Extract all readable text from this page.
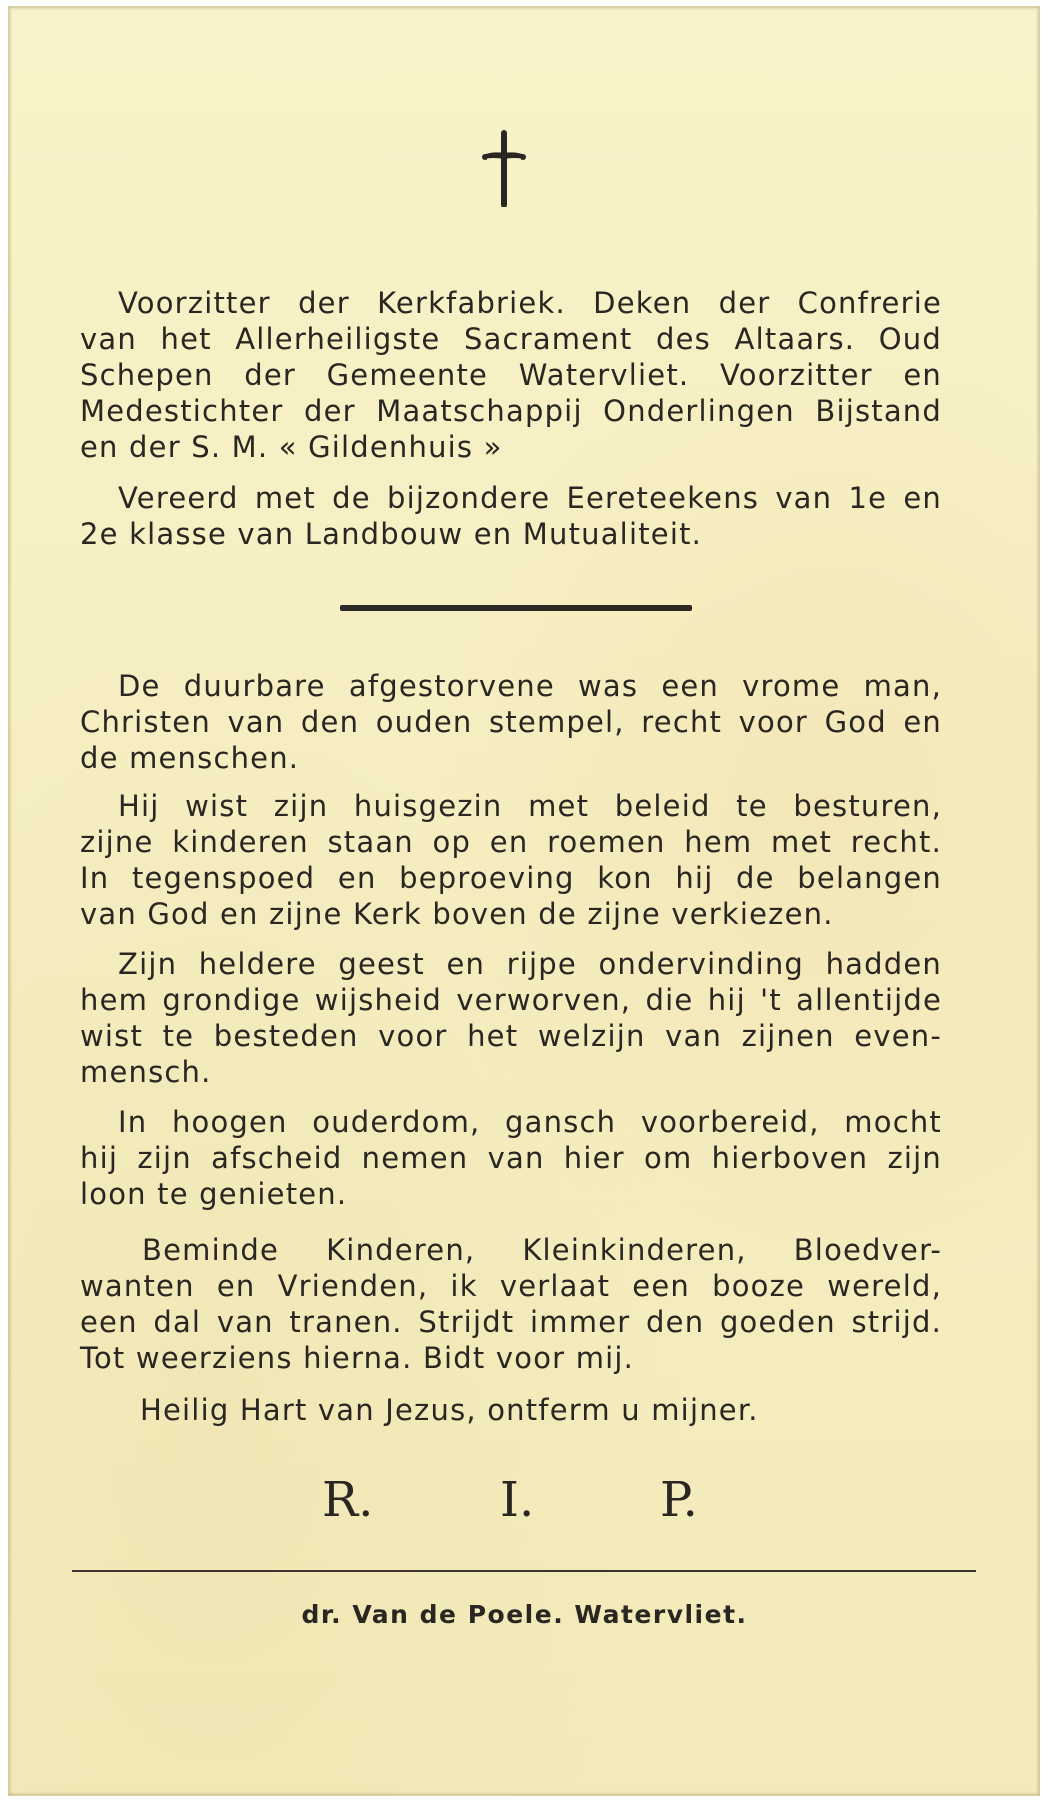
Voorzitter der Kerkfabriek. Deken der Confrerie
van het Allerheiligste Sacrament des Altaars. Oud
Schepen der Gemeente Watervliet. Voorzitter en
Medestichter der Maatschappij Onderlingen Bijstand
en der S. M. « Gildenhuis »
Vereerd met de bijzondere Eereteekens van 1e en
2e klasse van Landbouw en Mutualiteit.
De duurbare afgestorvene was een vrome man,
Christen van den ouden stempel, recht voor God en
de menschen.
Hij wist zijn huisgezin met beleid te besturen,
zijne kinderen staan op en roemen hem met recht.
In tegenspoed en beproeving kon hij de belangen
van God en zijne Kerk boven de zijne verkiezen.
Zijn heldere geest en rijpe ondervinding hadden
hem grondige wijsheid verworven, die hij 't allentijde
wist te besteden voor het welzijn van zijnen even-
mensch.
In hoogen ouderdom, gansch voorbereid, mocht
hij zijn afscheid nemen van hier om hierboven zijn
loon te genieten.
Beminde Kinderen, Kleinkinderen, Bloedver-
wanten en Vrienden, ik verlaat een booze wereld,
een dal van tranen. Strijdt immer den goeden strijd.
Tot weerziens hierna. Bidt voor mij.
Heilig Hart van Jezus, ontferm u mijner.
R.	I.	P.
dr. Van de Poele. Watervliet.
